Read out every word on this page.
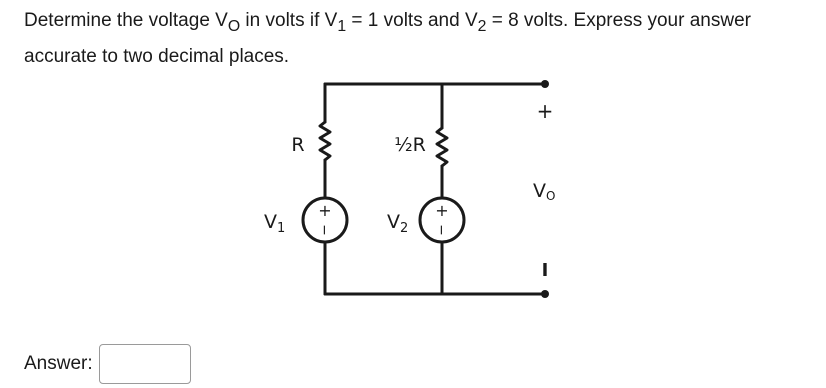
Determine the voltage $V_O$ in volts if $V_1 = 1$ volts and $V_2 = 8$ volts. Express your answer accurate to two decimal places.
+
−
+
−
R	½R
$V_1$	$V_2$
+
VO
I
Answer:
